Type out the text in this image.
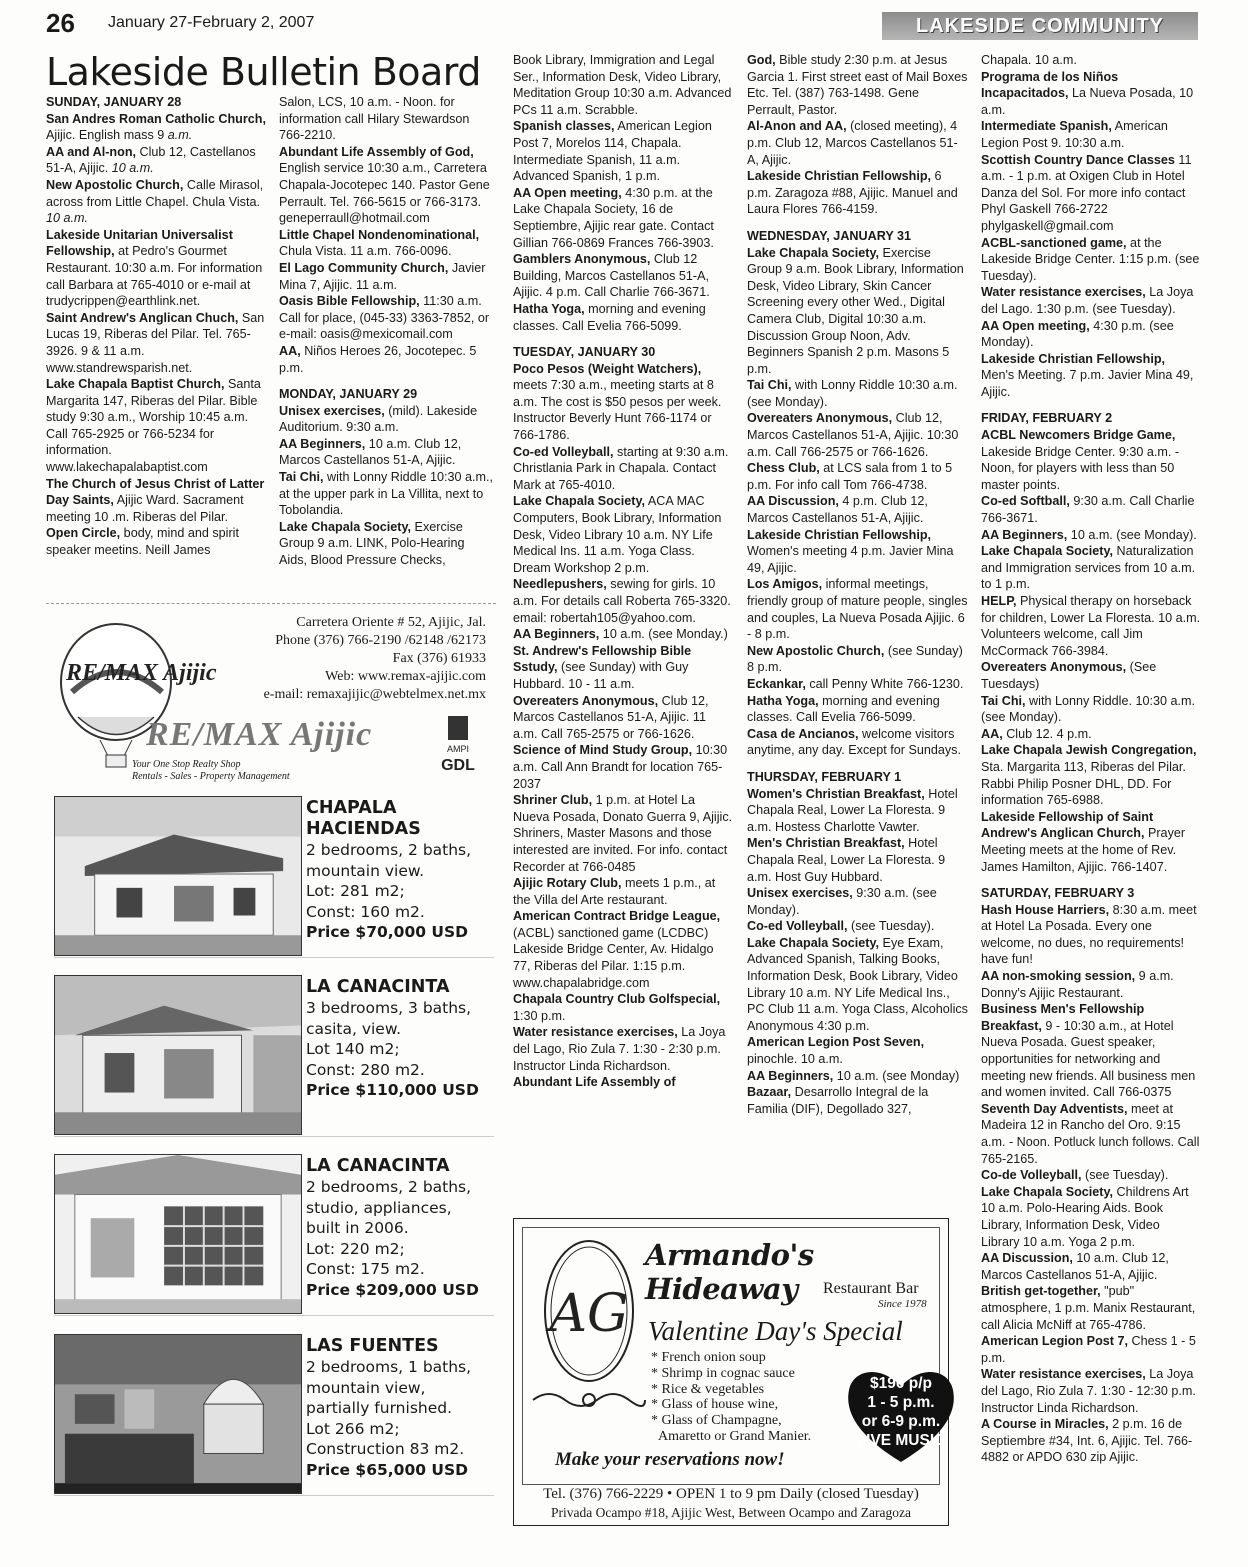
26 January 27-February 2, 2007	LAKESIDE COMMUNITY
Lakeside Bulletin Board

SUNDAY, JANUARY 28

San Andres Roman Catholic Church, Ajijic. English mass 9 a.m.

AA and Al-non, Club 12, Castellanos 51-A, Ajijic. 10 a.m.

New Apostolic Church, Calle Mirasol, across from Little Chapel. Chula Vista. 10 a.m.

Lakeside Unitarian Universalist Fellowship, at Pedro's Gourmet Restaurant. 10:30 a.m. For information call Barbara at 765-4010 or e-mail at trudycrippen@earthlink.net.

Saint Andrew's Anglican Chuch, San Lucas 19, Riberas del Pilar. Tel. 765-3926. 9 & 11 a.m. www.standrewsparish.net.

Lake Chapala Baptist Church, Santa Margarita 147, Riberas del Pilar. Bible study 9:30 a.m., Worship 10:45 a.m. Call 765-2925 or 766-5234 for information. www.lakechapalabaptist.com

The Church of Jesus Christ of Latter Day Saints, Ajijic Ward. Sacrament meeting 10 .m. Riberas del Pilar.

Open Circle, body, mind and spirit speaker meetins. Neill James

Salon, LCS, 10 a.m. - Noon. for information call Hilary Stewardson 766-2210.

Abundant Life Assembly of God, English service 10:30 a.m., Carretera Chapala-Jocotepec 140. Pastor Gene Perrault. Tel. 766-5615 or 766-3173. geneperraull@hotmail.com

Little Chapel Nondenominational, Chula Vista. 11 a.m. 766-0096.

El Lago Community Church, Javier Mina 7, Ajijic. 11 a.m.

Oasis Bible Fellowship, 11:30 a.m. Call for place, (045-33) 3363-7852, or e-mail: oasis@mexicomail.com

AA, Niños Heroes 26, Jocotepec. 5 p.m.

MONDAY, JANUARY 29

Unisex exercises, (mild). Lakeside Auditorium. 9:30 a.m.

AA Beginners, 10 a.m. Club 12, Marcos Castellanos 51-A, Ajijic.

Tai Chi, with Lonny Riddle 10:30 a.m., at the upper park in La Villita, next to Tobolandia.

Lake Chapala Society, Exercise Group 9 a.m. LINK, Polo-Hearing Aids, Blood Pressure Checks,

Book Library, Immigration and Legal Ser., Information Desk, Video Library, Meditation Group 10:30 a.m. Advanced PCs 11 a.m. Scrabble.

Spanish classes, American Legion Post 7, Morelos 114, Chapala. Intermediate Spanish, 11 a.m. Advanced Spanish, 1 p.m.

AA Open meeting, 4:30 p.m. at the Lake Chapala Society, 16 de Septiembre, Ajijic rear gate. Contact Gillian 766-0869 Frances 766-3903.

Gamblers Anonymous, Club 12 Building, Marcos Castellanos 51-A, Ajijic. 4 p.m. Call Charlie 766-3671.

Hatha Yoga, morning and evening classes. Call Evelia 766-5099.

TUESDAY, JANUARY 30

Poco Pesos (Weight Watchers), meets 7:30 a.m., meeting starts at 8 a.m. The cost is $50 pesos per week. Instructor Beverly Hunt 766-1174 or 766-1786.

Co-ed Volleyball, starting at 9:30 a.m. Christlania Park in Chapala. Contact Mark at 765-4010.

Lake Chapala Society, ACA MAC Computers, Book Library, Information Desk, Video Library 10 a.m. NY Life Medical Ins. 11 a.m. Yoga Class. Dream Workshop 2 p.m.

Needlepushers, sewing for girls. 10 a.m. For details call Roberta 765-3320. email: robertah105@yahoo.com.

AA Beginners, 10 a.m. (see Monday.)

St. Andrew's Fellowship Bible Sstudy, (see Sunday) with Guy Hubbard. 10 - 11 a.m.

Overeaters Anonymous, Club 12, Marcos Castellanos 51-A, Ajijic. 11 a.m. Call 765-2575 or 766-1626.

Science of Mind Study Group, 10:30 a.m. Call Ann Brandt for location 765-2037

Shriner Club, 1 p.m. at Hotel La Nueva Posada, Donato Guerra 9, Ajijic. Shriners, Master Masons and those interested are invited. For info. contact Recorder at 766-0485

Ajijic Rotary Club, meets 1 p.m., at the Villa del Arte restaurant.

American Contract Bridge League, (ACBL) sanctioned game (LCDBC) Lakeside Bridge Center, Av. Hidalgo 77, Riberas del Pilar. 1:15 p.m. www.chapalabridge.com

Chapala Country Club Golfspecial, 1:30 p.m.

Water resistance exercises, La Joya del Lago, Rio Zula 7. 1:30 - 2:30 p.m. Instructor Linda Richardson.

Abundant Life Assembly of

God, Bible study 2:30 p.m. at Jesus Garcia 1. First street east of Mail Boxes Etc. Tel. (387) 763-1498. Gene Perrault, Pastor.

Al-Anon and AA, (closed meeting), 4 p.m. Club 12, Marcos Castellanos 51-A, Ajijic.

Lakeside Christian Fellowship, 6 p.m. Zaragoza #88, Ajijic. Manuel and Laura Flores 766-4159.

WEDNESDAY, JANUARY 31

Lake Chapala Society, Exercise Group 9 a.m. Book Library, Information Desk, Video Library, Skin Cancer Screening every other Wed., Digital Camera Club, Digital 10:30 a.m. Discussion Group Noon, Adv. Beginners Spanish 2 p.m. Masons 5 p.m.

Tai Chi, with Lonny Riddle 10:30 a.m. (see Monday).

Overeaters Anonymous, Club 12, Marcos Castellanos 51-A, Ajijic. 10:30 a.m. Call 766-2575 or 766-1626.

Chess Club, at LCS sala from 1 to 5 p.m. For info call Tom 766-4738.

AA Discussion, 4 p.m. Club 12, Marcos Castellanos 51-A, Ajijic.

Lakeside Christian Fellowship, Women's meeting 4 p.m. Javier Mina 49, Ajijic.

Los Amigos, informal meetings, friendly group of mature people, singles and couples, La Nueva Posada Ajijic. 6 - 8 p.m.

New Apostolic Church, (see Sunday) 8 p.m.

Eckankar, call Penny White 766-1230.

Hatha Yoga, morning and evening classes. Call Evelia 766-5099.

Casa de Ancianos, welcome visitors anytime, any day. Except for Sundays.

THURSDAY, FEBRUARY 1

Women's Christian Breakfast, Hotel Chapala Real, Lower La Floresta. 9 a.m. Hostess Charlotte Vawter.

Men's Christian Breakfast, Hotel Chapala Real, Lower La Floresta. 9 a.m. Host Guy Hubbard.

Unisex exercises, 9:30 a.m. (see Monday).

Co-ed Volleyball, (see Tuesday).

Lake Chapala Society, Eye Exam, Advanced Spanish, Talking Books, Information Desk, Book Library, Video Library 10 a.m. NY Life Medical Ins., PC Club 11 a.m. Yoga Class, Alcoholics Anonymous 4:30 p.m.

American Legion Post Seven, pinochle. 10 a.m.

AA Beginners, 10 a.m. (see Monday)

Bazaar, Desarrollo Integral de la Familia (DIF), Degollado 327,

Chapala. 10 a.m.

Programa de los Niños Incapacitados, La Nueva Posada, 10 a.m.

Intermediate Spanish, American Legion Post 9. 10:30 a.m.

Scottish Country Dance Classes 11 a.m. - 1 p.m. at Oxigen Club in Hotel Danza del Sol. For more info contact Phyl Gaskell 766-2722 phylgaskell@gmail.com

ACBL-sanctioned game, at the Lakeside Bridge Center. 1:15 p.m. (see Tuesday).

Water resistance exercises, La Joya del Lago. 1:30 p.m. (see Tuesday).

AA Open meeting, 4:30 p.m. (see Monday).

Lakeside Christian Fellowship, Men's Meeting. 7 p.m. Javier Mina 49, Ajijic.

FRIDAY, FEBRUARY 2

ACBL Newcomers Bridge Game, Lakeside Bridge Center. 9:30 a.m. - Noon, for players with less than 50 master points.

Co-ed Softball, 9:30 a.m. Call Charlie 766-3671.

AA Beginners, 10 a.m. (see Monday).

Lake Chapala Society, Naturalization and Immigration services from 10 a.m. to 1 p.m.

HELP, Physical therapy on horseback for children, Lower La Floresta. 10 a.m. Volunteers welcome, call Jim McCormack 766-3984.

Overeaters Anonymous, (See Tuesdays)

Tai Chi, with Lonny Riddle. 10:30 a.m. (see Monday).

AA, Club 12. 4 p.m.

Lake Chapala Jewish Congregation, Sta. Margarita 113, Riberas del Pilar. Rabbi Philip Posner DHL, DD. For information 765-6988.

Lakeside Fellowship of Saint Andrew's Anglican Church, Prayer Meeting meets at the home of Rev. James Hamilton, Ajijic. 766-1407.

SATURDAY, FEBRUARY 3

Hash House Harriers, 8:30 a.m. meet at Hotel La Posada. Every one welcome, no dues, no requirements! have fun!

AA non-smoking session, 9 a.m. Donny's Ajijic Restaurant.

Business Men's Fellowship Breakfast, 9 - 10:30 a.m., at Hotel Nueva Posada. Guest speaker, opportunities for networking and meeting new friends. All business men and women invited. Call 766-0375

Seventh Day Adventists, meet at Madeira 12 in Rancho del Oro. 9:15 a.m. - Noon. Potluck lunch follows. Call 765-2165.

Co-de Volleyball, (see Tuesday).

Lake Chapala Society, Childrens Art 10 a.m. Polo-Hearing Aids. Book Library, Information Desk, Video Library 10 a.m. Yoga 2 p.m.

AA Discussion, 10 a.m. Club 12, Marcos Castellanos 51-A, Ajijic.

British get-together, "pub" atmosphere, 1 p.m. Manix Restaurant, call Alicia McNiff at 765-4786.

American Legion Post 7, Chess 1 - 5 p.m.

Water resistance exercises, La Joya del Lago, Rio Zula 7. 1:30 - 12:30 p.m. Instructor Linda Richardson.

A Course in Miracles, 2 p.m. 16 de Septiembre #34, Int. 6, Ajijic. Tel. 766-4882 or APDO 630 zip Ajijic.

RE/MAX Ajijic
Carretera Oriente # 52, Ajijic, Jal.
Phone (376) 766-2190 /62148 /62173
Fax (376) 61933
Web: www.remax-ajijic.com
e-mail: remaxajijic@webtelmex.net.mx
RE/MAX Ajijic
Your One Stop Realty Shop
Rentals - Sales - Property Management
AMPI
GDL
CHAPALA
HACIENDAS
2 bedrooms, 2 baths,
mountain view.
Lot: 281 m2;
Const: 160 m2.
Price $70,000 USD
LA CANACINTA
3 bedrooms, 3 baths,
casita, view.
Lot 140 m2;
Const: 280 m2.
Price $110,000 USD
LA CANACINTA
2 bedrooms, 2 baths,
studio, appliances,
built in 2006.
Lot: 220 m2;
Const: 175 m2.
Price $209,000 USD
LAS FUENTES
2 bedrooms, 1 baths,
mountain view,
partially furnished.
Lot 266 m2;
Construction 83 m2.
Price $65,000 USD
AG
Armando's Hideaway	Restaurant Bar
Since 1978
Valentine Day's Special
* French onion soup
* Shrimp in cognac sauce
* Rice & vegetables
* Glass of house wine,
* Glass of Champagne,
Amaretto or Grand Manier.
$190 p/p
1 - 5 p.m.
or 6-9 p.m.
LIVE MUSIC
Make your reservations now!
Tel. (376) 766-2229 • OPEN 1 to 9 pm Daily (closed Tuesday)
Privada Ocampo #18, Ajijic West, Between Ocampo and Zaragoza
